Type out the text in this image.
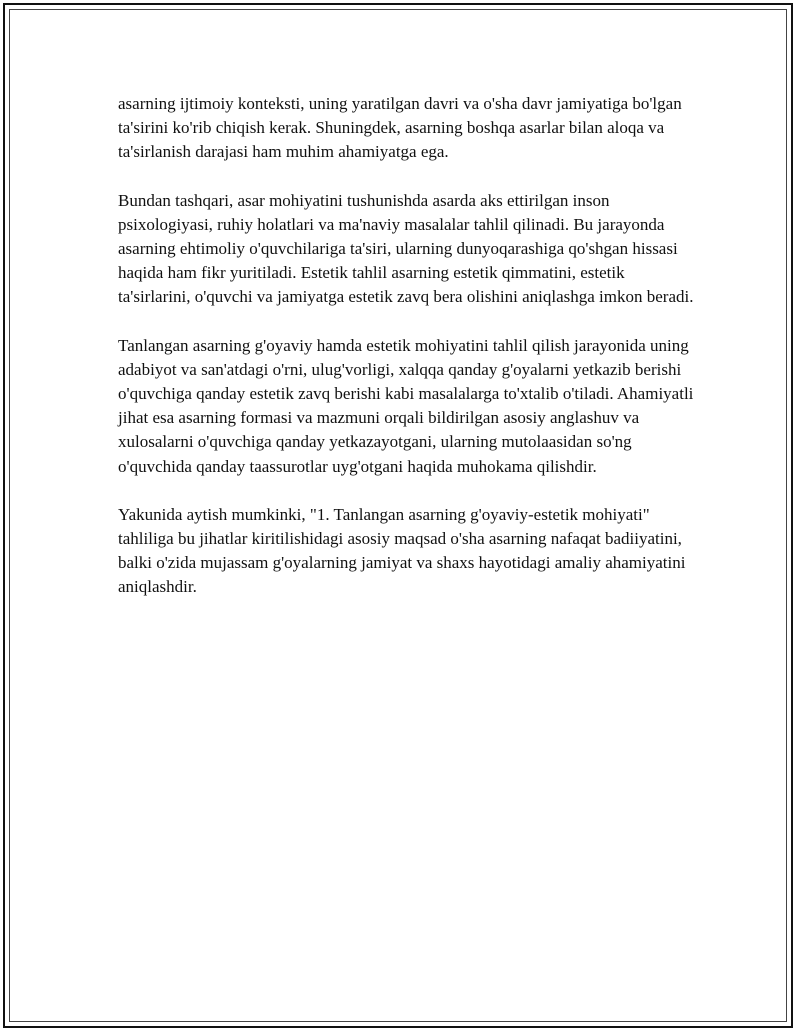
asarning ijtimoiy konteksti, uning yaratilgan davri va o'sha davr jamiyatiga bo'lgan ta'sirini ko'rib chiqish kerak. Shuningdek, asarning boshqa asarlar bilan aloqa va ta'sirlanish darajasi ham muhim ahamiyatga ega.

Bundan tashqari, asar mohiyatini tushunishda asarda aks ettirilgan inson psixologiyasi, ruhiy holatlari va ma'naviy masalalar tahlil qilinadi. Bu jarayonda asarning ehtimoliy o'quvchilariga ta'siri, ularning dunyoqarashiga qo'shgan hissasi haqida ham fikr yuritiladi. Estetik tahlil asarning estetik qimmatini, estetik ta'sirlarini, o'quvchi va jamiyatga estetik zavq bera olishini aniqlashga imkon beradi.

Tanlangan asarning g'oyaviy hamda estetik mohiyatini tahlil qilish jarayonida uning adabiyot va san'atdagi o'rni, ulug'vorligi, xalqqa qanday g'oyalarni yetkazib berishi o'quvchiga qanday estetik zavq berishi kabi masalalarga to'xtalib o'tiladi. Ahamiyatli jihat esa asarning formasi va mazmuni orqali bildirilgan asosiy anglashuv va xulosalarni o'quvchiga qanday yetkazayotgani, ularning mutolaasidan so'ng o'quvchida qanday taassurotlar uyg'otgani haqida muhokama qilishdir.

Yakunida aytish mumkinki, "1. Tanlangan asarning g'oyaviy-estetik mohiyati" tahliliga bu jihatlar kiritilishidagi asosiy maqsad o'sha asarning nafaqat badiiyatini, balki o'zida mujassam g'oyalarning jamiyat va shaxs hayotidagi amaliy ahamiyatini aniqlashdir.
